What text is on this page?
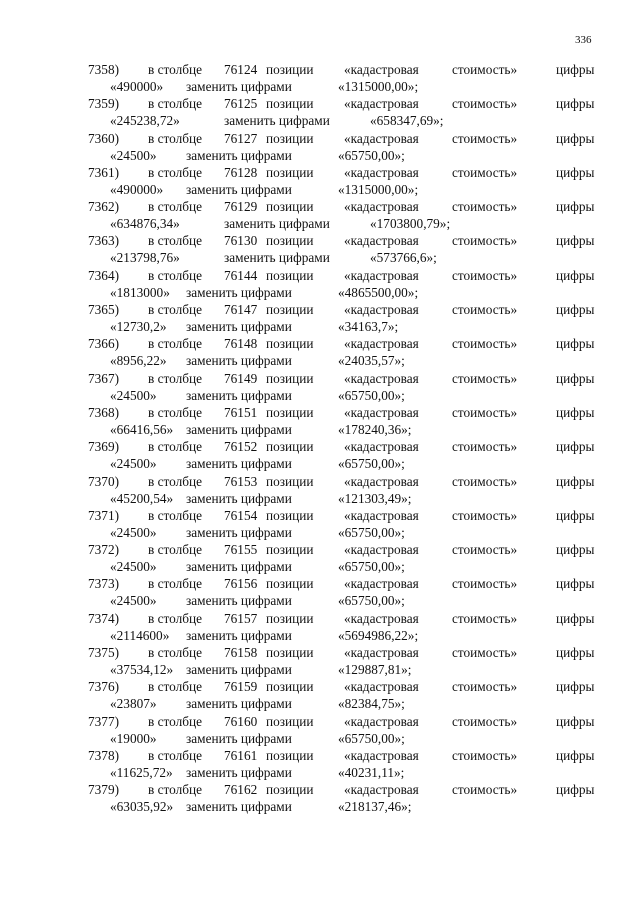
336
7358) в столбце 76124 позиции «кадастровая стоимость»	цифры
«490000» заменить цифрами	«1315000,00»;
7359) в столбце 76125 позиции «кадастровая стоимость»	цифры
«245238,72»	заменить цифрами	«658347,69»;
7360) в столбце 76127 позиции «кадастровая стоимость»	цифры
«24500» заменить цифрами	«65750,00»;
7361) в столбце 76128 позиции «кадастровая стоимость»	цифры
«490000» заменить цифрами	«1315000,00»;
7362) в столбце 76129 позиции «кадастровая стоимость»	цифры
«634876,34»	заменить цифрами	«1703800,79»;
7363) в столбце 76130 позиции «кадастровая стоимость»	цифры
«213798,76»	заменить цифрами	«573766,6»;
7364) в столбце 76144 позиции «кадастровая стоимость»	цифры
«1813000» заменить цифрами	«4865500,00»;
7365) в столбце 76147 позиции «кадастровая стоимость»	цифры
«12730,2» заменить цифрами	«34163,7»;
7366) в столбце 76148 позиции «кадастровая стоимость»	цифры
«8956,22» заменить цифрами	«24035,57»;
7367) в столбце 76149 позиции «кадастровая стоимость»	цифры
«24500» заменить цифрами	«65750,00»;
7368) в столбце 76151 позиции «кадастровая стоимость»	цифры
«66416,56» заменить цифрами	«178240,36»;
7369) в столбце 76152 позиции «кадастровая стоимость»	цифры
«24500» заменить цифрами	«65750,00»;
7370) в столбце 76153 позиции «кадастровая стоимость»	цифры
«45200,54» заменить цифрами	«121303,49»;
7371) в столбце 76154 позиции «кадастровая стоимость»	цифры
«24500» заменить цифрами	«65750,00»;
7372) в столбце 76155 позиции «кадастровая стоимость»	цифры
«24500» заменить цифрами	«65750,00»;
7373) в столбце 76156 позиции «кадастровая стоимость»	цифры
«24500» заменить цифрами	«65750,00»;
7374) в столбце 76157 позиции «кадастровая стоимость»	цифры
«2114600» заменить цифрами	«5694986,22»;
7375) в столбце 76158 позиции «кадастровая стоимость»	цифры
«37534,12» заменить цифрами	«129887,81»;
7376) в столбце 76159 позиции «кадастровая стоимость»	цифры
«23807» заменить цифрами	«82384,75»;
7377) в столбце 76160 позиции «кадастровая стоимость»	цифры
«19000» заменить цифрами	«65750,00»;
7378) в столбце 76161 позиции «кадастровая стоимость»	цифры
«11625,72» заменить цифрами	«40231,11»;
7379) в столбце 76162 позиции «кадастровая стоимость»	цифры
«63035,92» заменить цифрами	«218137,46»;
